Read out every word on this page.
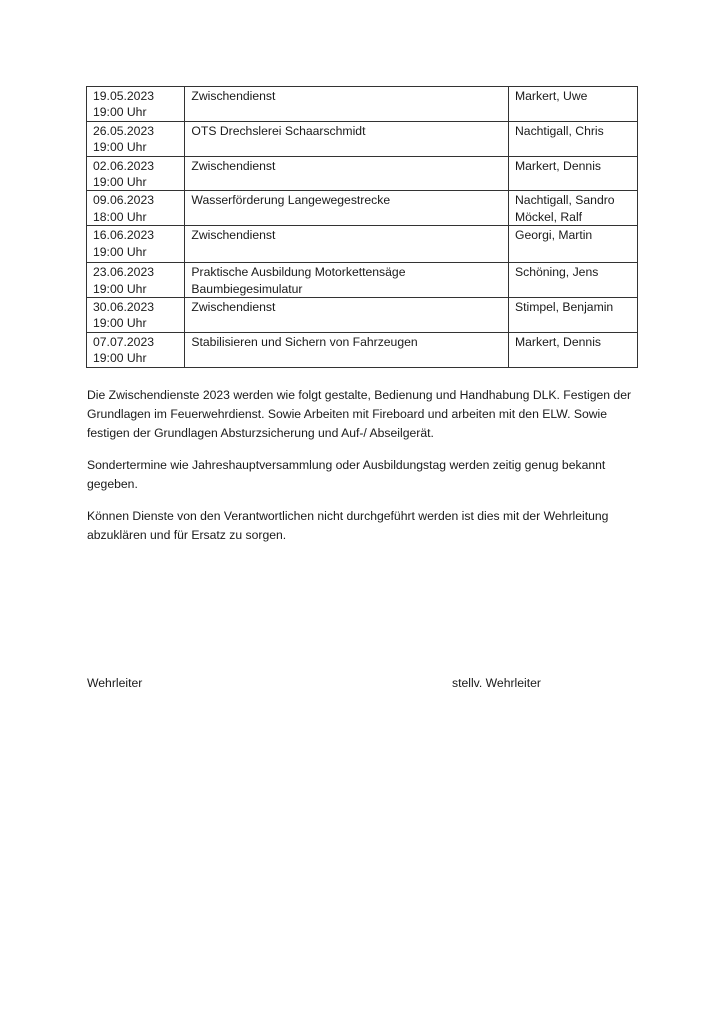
19.05.2023
19:00 Uhr	Zwischendienst	Markert, Uwe

26.05.2023
19:00 Uhr	OTS Drechslerei Schaarschmidt	Nachtigall, Chris

02.06.2023
19:00 Uhr	Zwischendienst	Markert, Dennis

09.06.2023
18:00 Uhr	Wasserförderung Langewegestrecke	Nachtigall, Sandro
Möckel, Ralf

16.06.2023
19:00 Uhr	Zwischendienst	Georgi, Martin

23.06.2023
19:00 Uhr	Praktische Ausbildung Motorkettensäge
Baumbiegesimulatur	Schöning, Jens

30.06.2023
19:00 Uhr	Zwischendienst	Stimpel, Benjamin

07.07.2023
19:00 Uhr	Stabilisieren und Sichern von Fahrzeugen	Markert, Dennis

Die Zwischendienste 2023 werden wie folgt gestalte, Bedienung und Handhabung DLK. Festigen der Grundlagen im Feuerwehrdienst. Sowie Arbeiten mit Fireboard und arbeiten mit den ELW. Sowie festigen der Grundlagen Absturzsicherung und Auf-/ Abseilgerät.

Sondertermine wie Jahreshauptversammlung oder Ausbildungstag werden zeitig genug bekannt gegeben.

Können Dienste von den Verantwortlichen nicht durchgeführt werden ist dies mit der Wehrleitung abzuklären und für Ersatz zu sorgen.

Wehrleiter	stellv. Wehrleiter
